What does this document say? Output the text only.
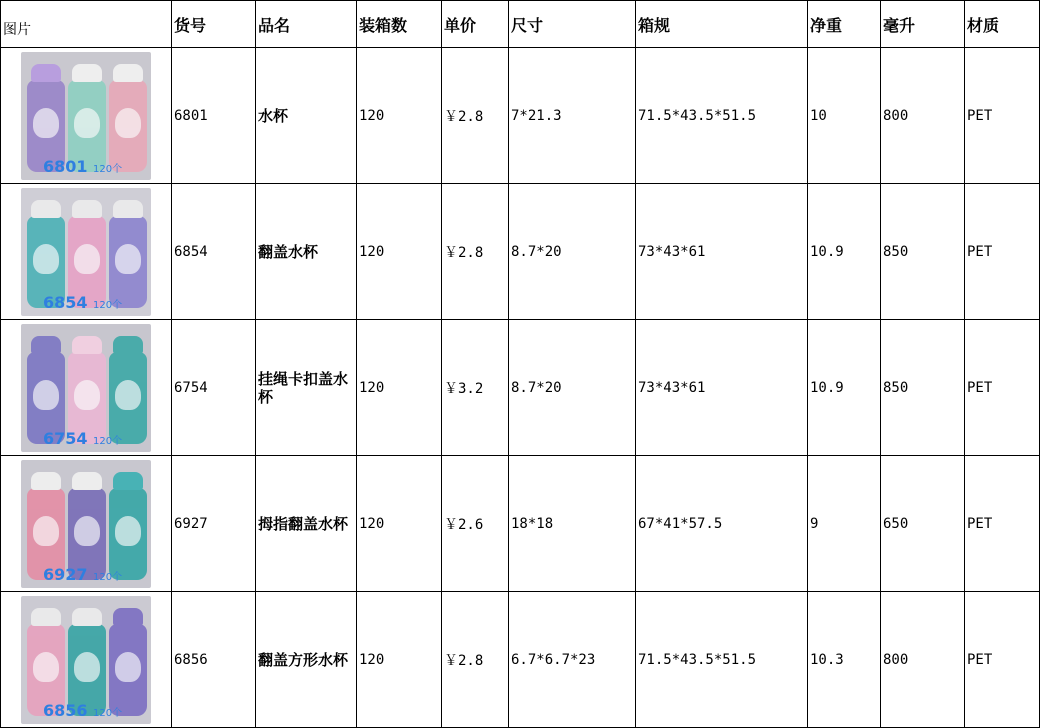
图片	货号	品名	装箱数	单价	尺寸	箱规	净重	毫升	材质

6801 120个	6801	水杯	120	￥2.8	7*21.3	71.5*43.5*51.5	10	800	PET

6854 120个	6854	翻盖水杯	120	￥2.8	8.7*20	73*43*61	10.9	850	PET

6754 120个	6754	挂绳卡扣盖水杯	120	￥3.2	8.7*20	73*43*61	10.9	850	PET

6927 120个	6927	拇指翻盖水杯	120	￥2.6	18*18	67*41*57.5	9	650	PET

6856 120个	6856	翻盖方形水杯	120	￥2.8	6.7*6.7*23	71.5*43.5*51.5	10.3	800	PET
